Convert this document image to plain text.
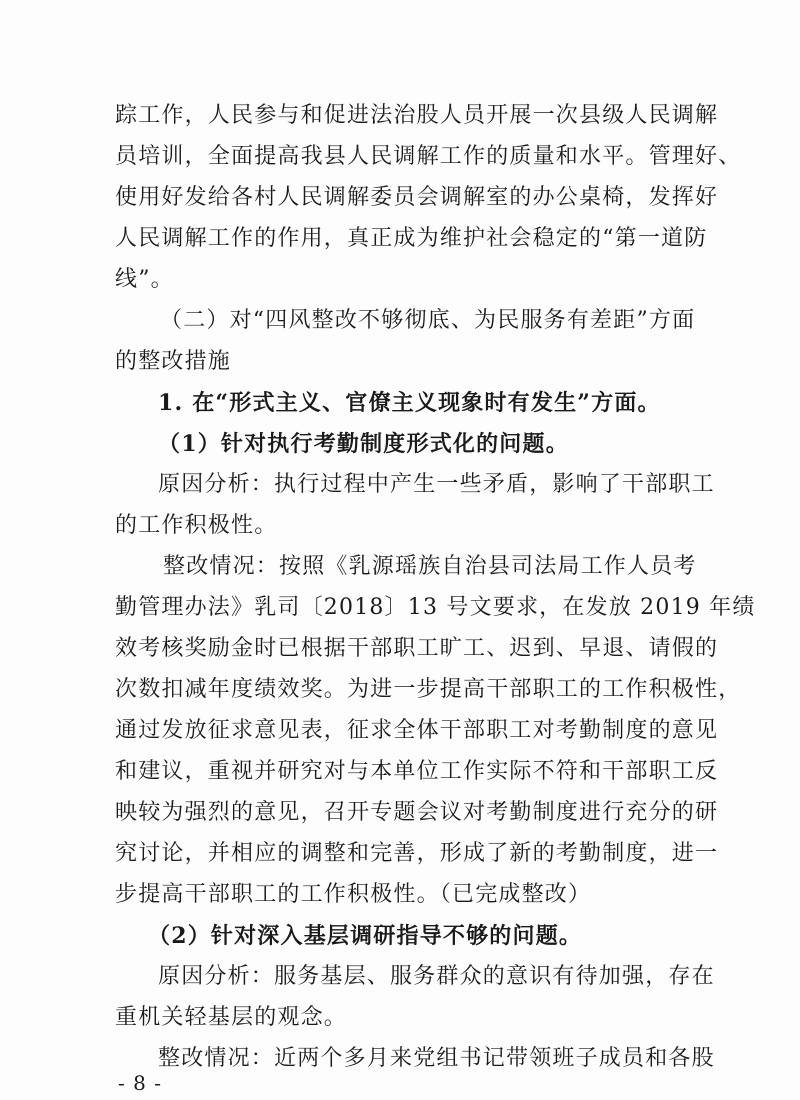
踪工作，人民参与和促进法治股人员开展一次县级人民调解
员培训，全面提高我县人民调解工作的质量和水平。管理好、
使用好发给各村人民调解委员会调解室的办公桌椅，发挥好
人民调解工作的作用，真正成为维护社会稳定的“第一道防
线”。
（二）对“四风整改不够彻底、为民服务有差距”方面
的整改措施
1. 在“形式主义、官僚主义现象时有发生”方面。
（1）针对执行考勤制度形式化的问题。
原因分析：执行过程中产生一些矛盾，影响了干部职工
的工作积极性。
整改情况：按照《乳源瑶族自治县司法局工作人员考
勤管理办法》乳司〔2018〕13 号文要求，在发放 2019 年绩
效考核奖励金时已根据干部职工旷工、迟到、早退、请假的
次数扣减年度绩效奖。为进一步提高干部职工的工作积极性，
通过发放征求意见表，征求全体干部职工对考勤制度的意见
和建议，重视并研究对与本单位工作实际不符和干部职工反
映较为强烈的意见，召开专题会议对考勤制度进行充分的研
究讨论，并相应的调整和完善，形成了新的考勤制度，进一
步提高干部职工的工作积极性。（已完成整改）
（2）针对深入基层调研指导不够的问题。
原因分析：服务基层、服务群众的意识有待加强，存在
重机关轻基层的观念。
整改情况：近两个多月来党组书记带领班子成员和各股
- 8 -
